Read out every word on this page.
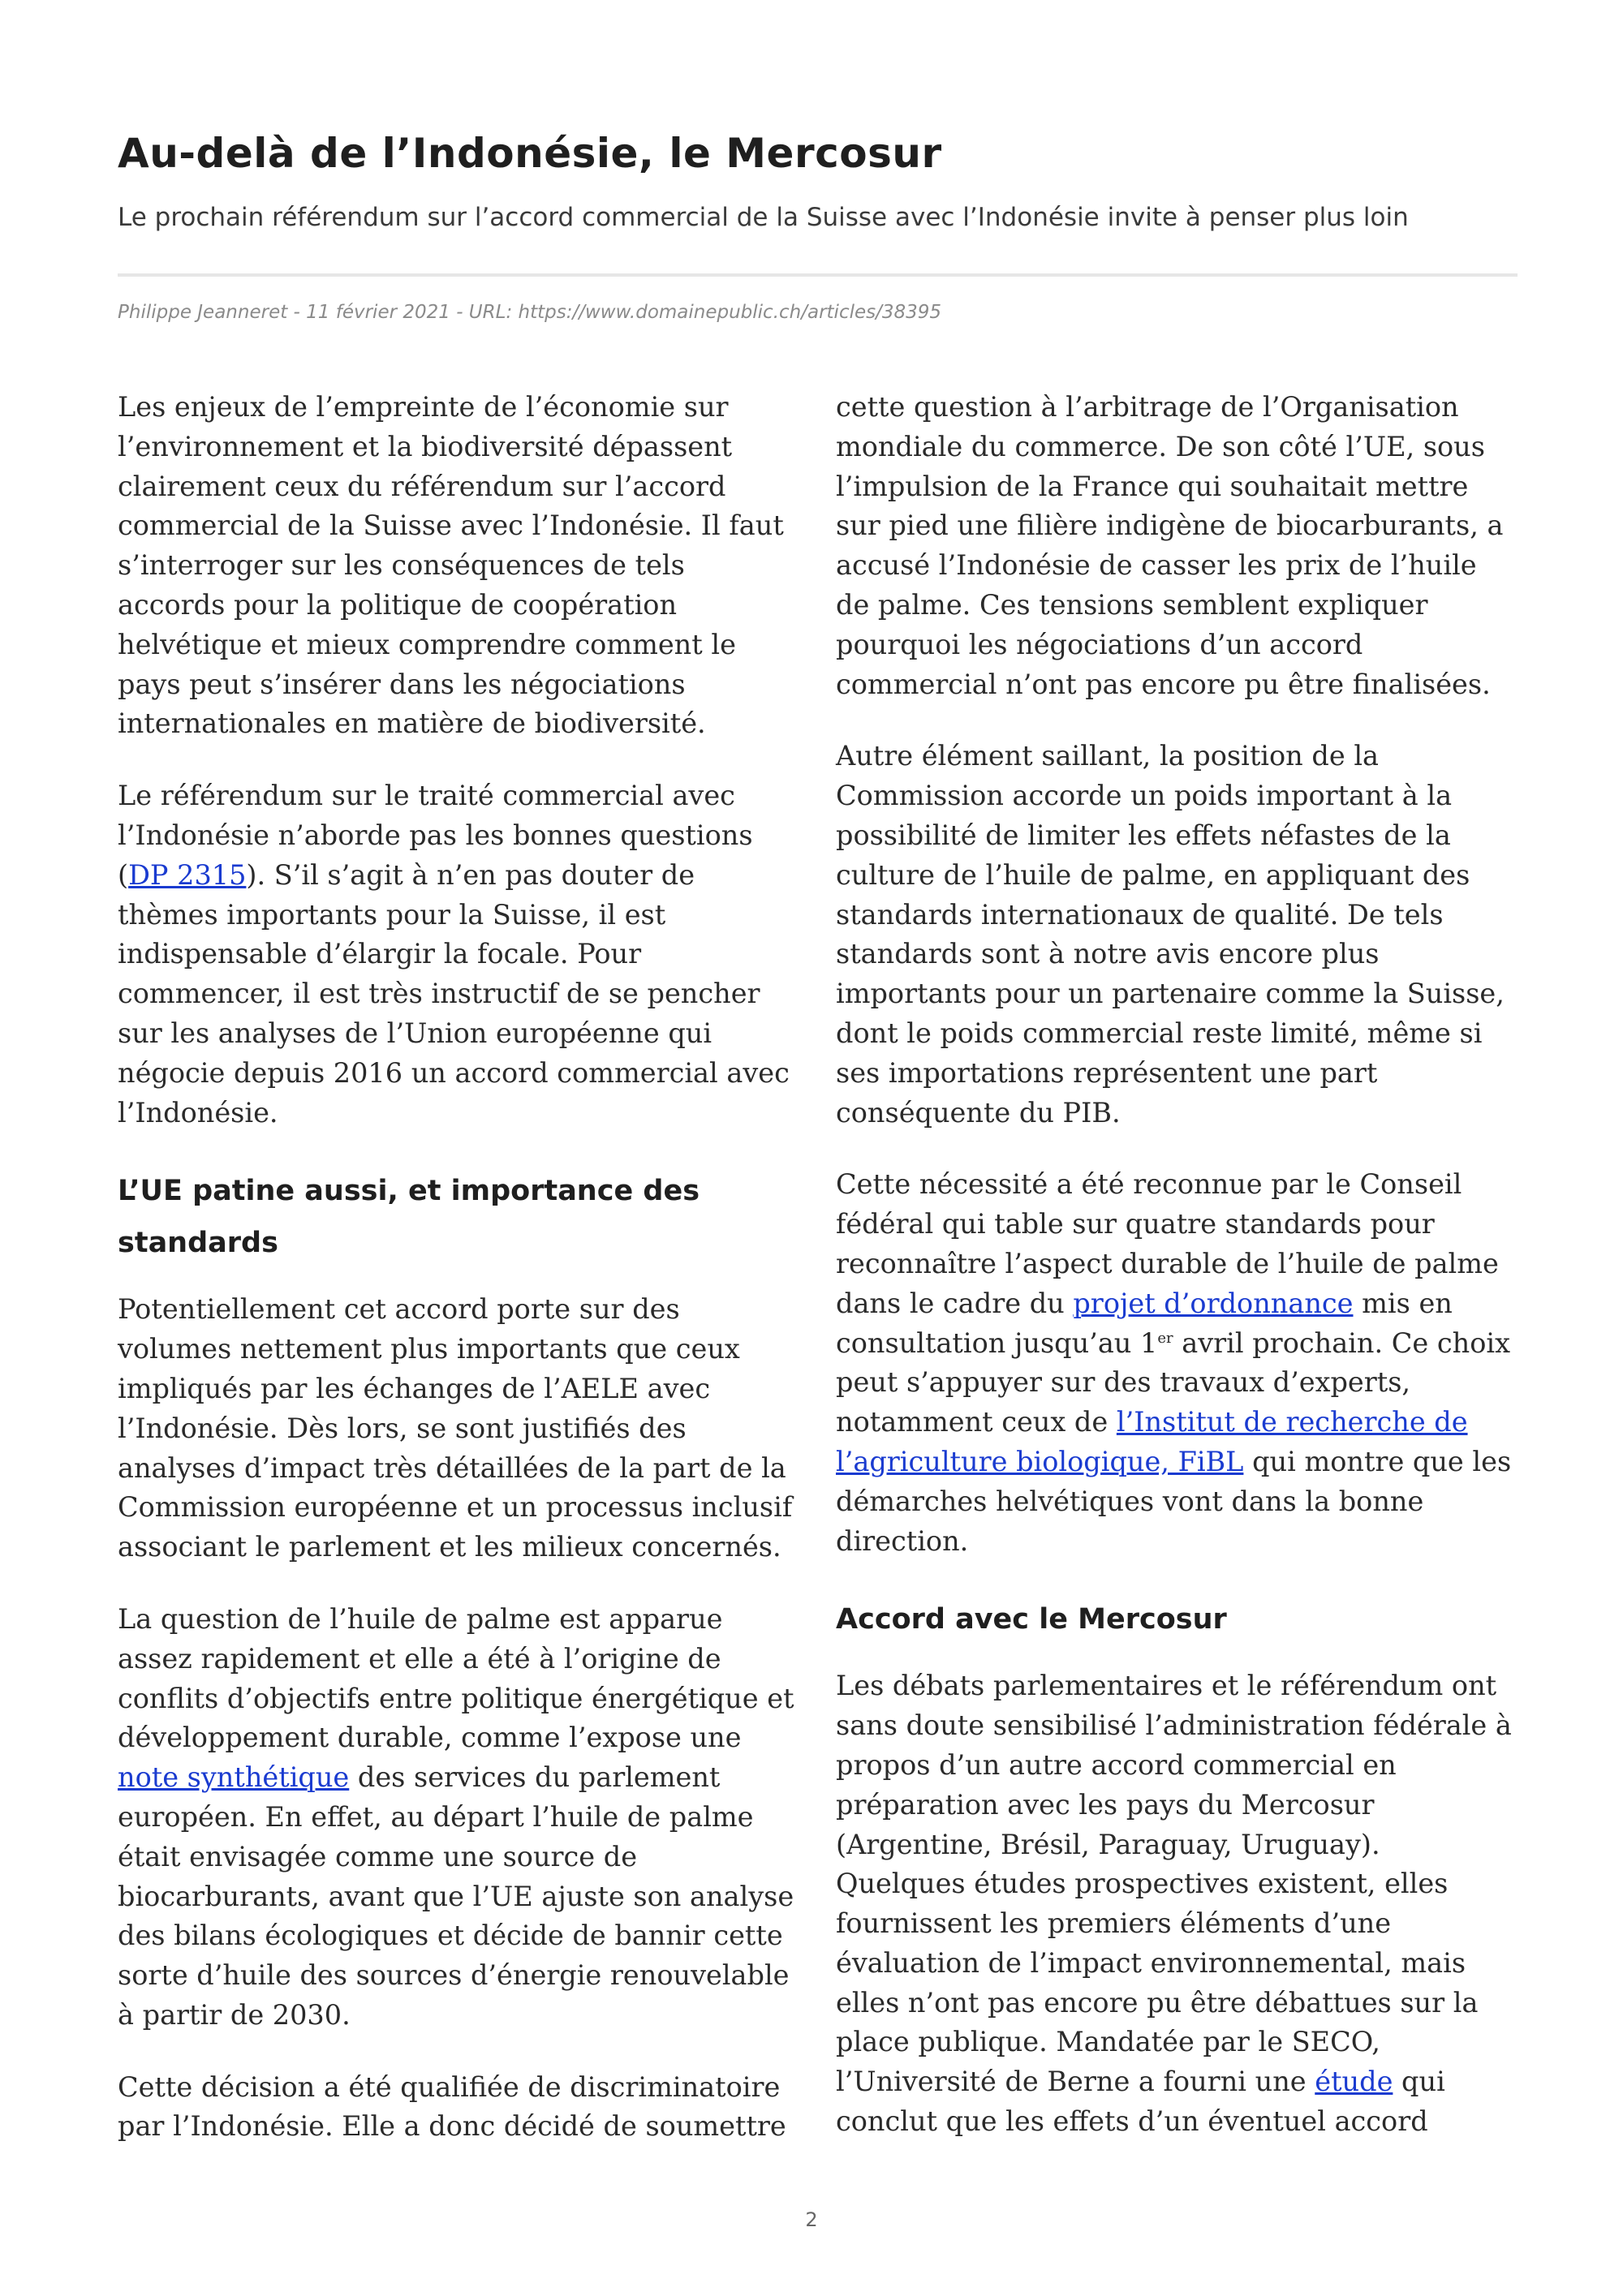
Au-delà de l’Indonésie, le Mercosur

Le prochain référendum sur l’accord commercial de la Suisse avec l’Indonésie invite à penser plus loin

Philippe Jeanneret - 11 février 2021 - URL: https://www.domainepublic.ch/articles/38395

Les enjeux de l’empreinte de l’économie sur l’environnement et la biodiversité dépassent clairement ceux du référendum sur l’accord commercial de la Suisse avec l’Indonésie. Il faut s’interroger sur les conséquences de tels accords pour la politique de coopération helvétique et mieux comprendre comment le pays peut s’insérer dans les négociations internationales en matière de biodiversité.

Le référendum sur le traité commercial avec l’Indonésie n’aborde pas les bonnes questions (DP 2315). S’il s’agit à n’en pas douter de thèmes importants pour la Suisse, il est indispensable d’élargir la focale. Pour commencer, il est très instructif de se pencher sur les analyses de l’Union européenne qui négocie depuis 2016 un accord commercial avec l’Indonésie.

L’UE patine aussi, et importance des standards

Potentiellement cet accord porte sur des volumes nettement plus importants que ceux impliqués par les échanges de l’AELE avec l’Indonésie. Dès lors, se sont justifiés des analyses d’impact très détaillées de la part de la Commission européenne et un processus inclusif associant le parlement et les milieux concernés.

La question de l’huile de palme est apparue assez rapidement et elle a été à l’origine de conflits d’objectifs entre politique énergétique et développement durable, comme l’expose une note synthétique des services du parlement européen. En effet, au départ l’huile de palme était envisagée comme une source de biocarburants, avant que l’UE ajuste son analyse des bilans écologiques et décide de bannir cette sorte d’huile des sources d’énergie renouvelable à partir de 2030.

Cette décision a été qualifiée de discriminatoire par l’Indonésie. Elle a donc décidé de soumettre

cette question à l’arbitrage de l’Organisation mondiale du commerce. De son côté l’UE, sous l’impulsion de la France qui souhaitait mettre sur pied une filière indigène de biocarburants, a accusé l’Indonésie de casser les prix de l’huile de palme. Ces tensions semblent expliquer pourquoi les négociations d’un accord commercial n’ont pas encore pu être finalisées.

Autre élément saillant, la position de la Commission accorde un poids important à la possibilité de limiter les effets néfastes de la culture de l’huile de palme, en appliquant des standards internationaux de qualité. De tels standards sont à notre avis encore plus importants pour un partenaire comme la Suisse, dont le poids commercial reste limité, même si ses importations représentent une part conséquente du PIB.

Cette nécessité a été reconnue par le Conseil fédéral qui table sur quatre standards pour reconnaître l’aspect durable de l’huile de palme dans le cadre du projet d’ordonnance mis en consultation jusqu’au 1er avril prochain. Ce choix peut s’appuyer sur des travaux d’experts, notamment ceux de l’Institut de recherche de l’agriculture biologique, FiBL qui montre que les démarches helvétiques vont dans la bonne direction.

Accord avec le Mercosur

Les débats parlementaires et le référendum ont sans doute sensibilisé l’administration fédérale à propos d’un autre accord commercial en préparation avec les pays du Mercosur (Argentine, Brésil, Paraguay, Uruguay). Quelques études prospectives existent, elles fournissent les premiers éléments d’une évaluation de l’impact environnemental, mais elles n’ont pas encore pu être débattues sur la place publique. Mandatée par le SECO, l’Université de Berne a fourni une étude qui conclut que les effets d’un éventuel accord

2
